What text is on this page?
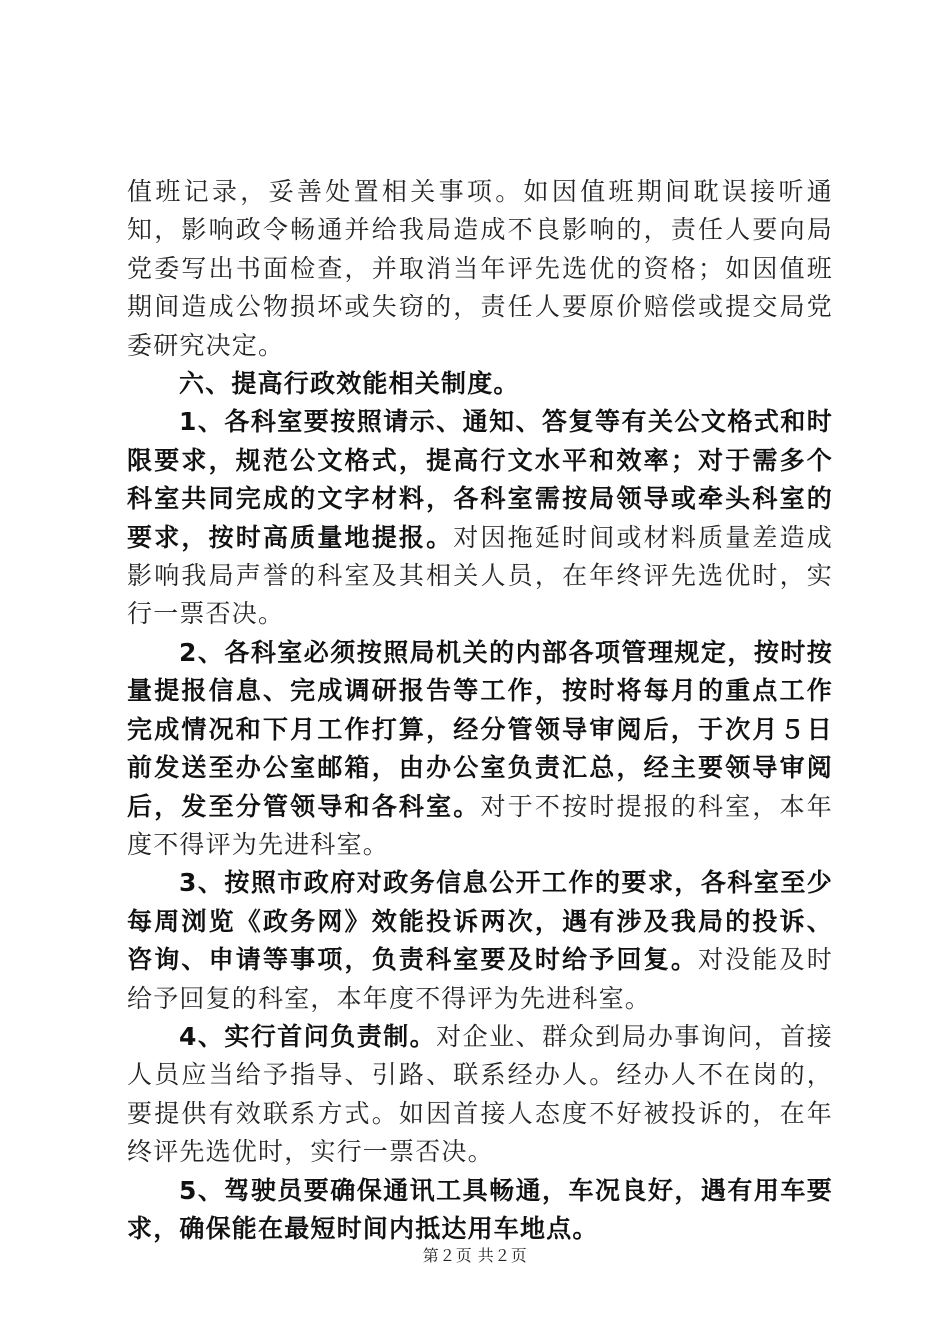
值班记录，妥善处置相关事项。如因值班期间耽误接听通知，影响政令畅通并给我局造成不良影响的，责任人要向局党委写出书面检查，并取消当年评先选优的资格；如因值班期间造成公物损坏或失窃的，责任人要原价赔偿或提交局党委研究决定。

六、提高行政效能相关制度。

1、各科室要按照请示、通知、答复等有关公文格式和时限要求，规范公文格式，提高行文水平和效率；对于需多个科室共同完成的文字材料，各科室需按局领导或牵头科室的要求，按时高质量地提报。对因拖延时间或材料质量差造成影响我局声誉的科室及其相关人员，在年终评先选优时，实行一票否决。

2、各科室必须按照局机关的内部各项管理规定，按时按量提报信息、完成调研报告等工作，按时将每月的重点工作完成情况和下月工作打算，经分管领导审阅后，于次月５日前发送至办公室邮箱，由办公室负责汇总，经主要领导审阅后，发至分管领导和各科室。对于不按时提报的科室，本年度不得评为先进科室。

3、按照市政府对政务信息公开工作的要求，各科室至少每周浏览《政务网》效能投诉两次，遇有涉及我局的投诉、咨询、申请等事项，负责科室要及时给予回复。对没能及时给予回复的科室，本年度不得评为先进科室。

4、实行首问负责制。对企业、群众到局办事询问，首接人员应当给予指导、引路、联系经办人。经办人不在岗的，要提供有效联系方式。如因首接人态度不好被投诉的，在年终评先选优时，实行一票否决。

5、驾驶员要确保通讯工具畅通，车况良好，遇有用车要求，确保能在最短时间内抵达用车地点。

第２页 共２页
